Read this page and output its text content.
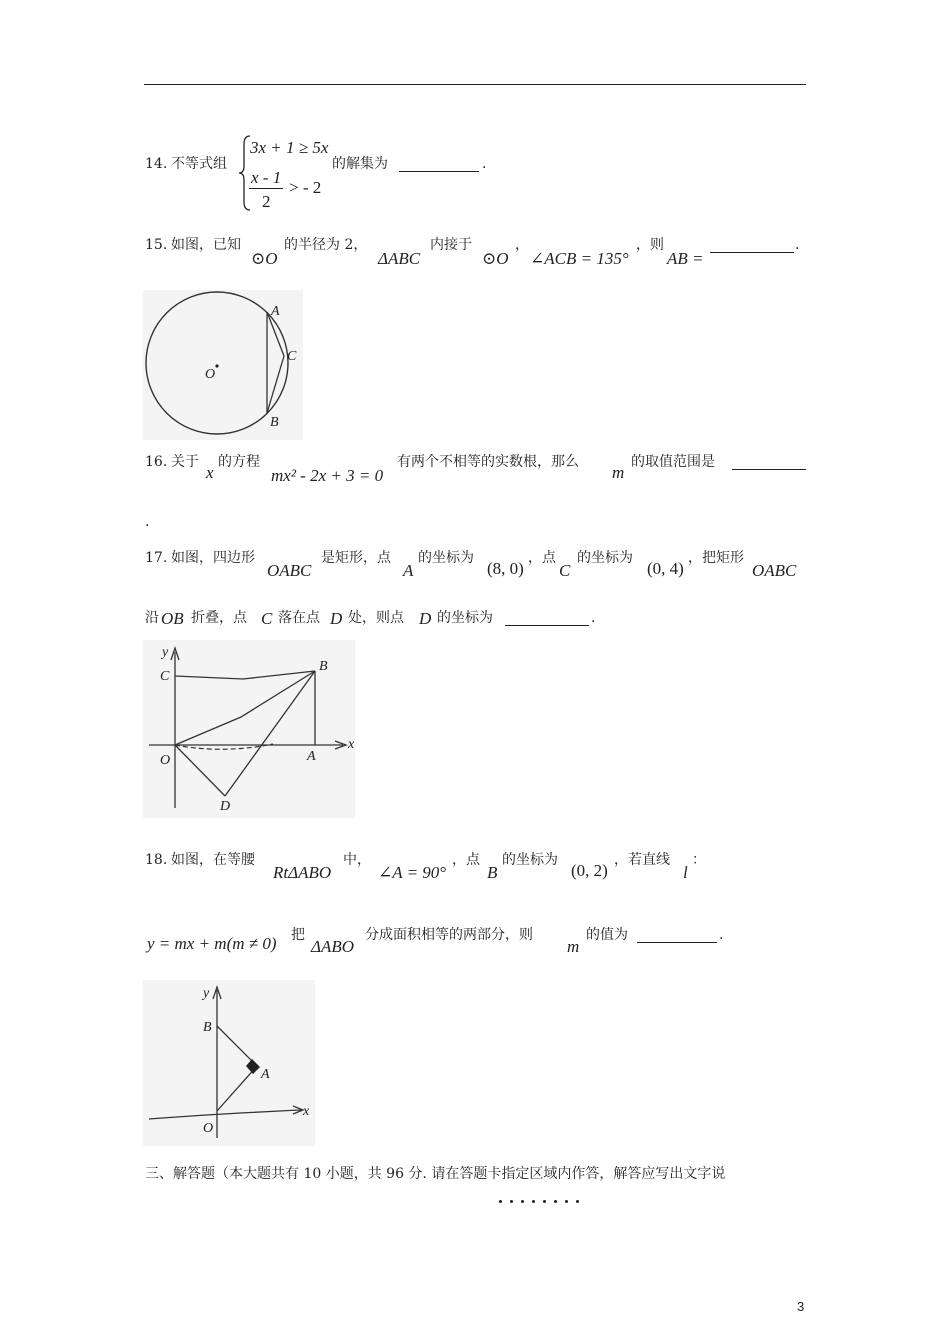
14. 不等式组
3x + 1 ≥ 5x
x - 1
2
> - 2
的解集为	.
15. 如图，已知
⊙O
的半径为 2，
ΔABC
内接于
⊙O
，
∠ACB = 135°
，则
AB =
.
A
C
B
O
16. 关于
x
的方程
mx² - 2x + 3 = 0
有两个不相等的实数根，那么
m
的取值范围是
.
17. 如图，四边形
OABC
是矩形，点
A
的坐标为
(8, 0)
，点
C
的坐标为
(0, 4)
，把矩形
OABC
沿 OB 折叠，点 C 落在点 D 处，则点 D 的坐标为	.
y
x
C
B
O	A
D
18. 如图，在等腰
RtΔABO
中，
∠A = 90°
，点
B
的坐标为
(0, 2)
，若直线
l
：
y = mx + m(m ≠ 0) 把
ΔABO
分成面积相等的两部分，则
m
的值为	.
y
x
B
A
O
三、解答题（本大题共有 10 小题，共 96 分. 请在答题卡指定区域内作答，解答应写出文字说
3
